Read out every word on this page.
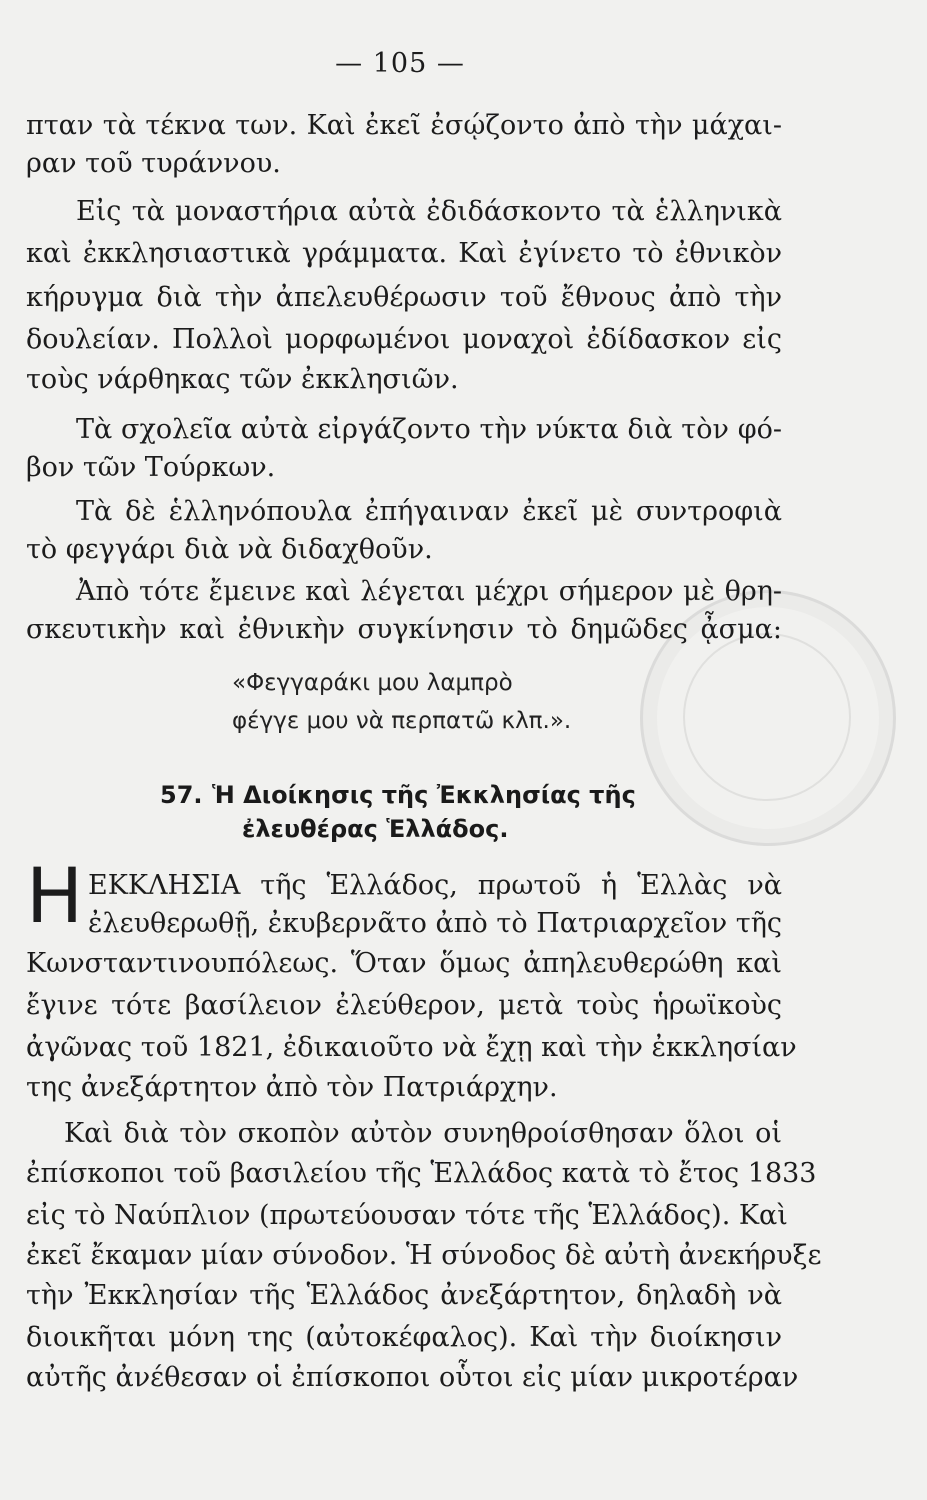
— 105 —
πταν τὰ τέκνα των. Καὶ ἐκεῖ ἐσῴζοντο ἀπὸ τὴν μάχαι-
ραν τοῦ τυράννου.
Εἰς τὰ μοναστήρια αὐτὰ ἐδιδάσκοντο τὰ ἑλληνικὰ
καὶ ἐκκλησιαστικὰ γράμματα. Καὶ ἐγίνετο τὸ ἐθνικὸν
κήρυγμα διὰ τὴν ἀπελευθέρωσιν τοῦ ἔθνους ἀπὸ τὴν
δουλείαν. Πολλοὶ μορφωμένοι μοναχοὶ ἐδίδασκον εἰς
τοὺς νάρθηκας τῶν ἐκκλησιῶν.
Τὰ σχολεῖα αὐτὰ εἰργάζοντο τὴν νύκτα διὰ τὸν φό-
βον τῶν Τούρκων.
Τὰ δὲ ἑλληνόπουλα ἐπήγαιναν ἐκεῖ μὲ συντροφιὰ
τὸ φεγγάρι διὰ νὰ διδαχθοῦν.
Ἀπὸ τότε ἔμεινε καὶ λέγεται μέχρι σήμερον μὲ θρη-
σκευτικὴν καὶ ἐθνικὴν συγκίνησιν τὸ δημῶδες ᾆσμα:
«Φεγγαράκι μου λαμπρὸ
φέγγε μου νὰ περπατῶ κλπ.».
57. Ἡ Διοίκησις τῆς Ἐκκλησίας τῆς
ἐλευθέρας Ἑλλάδος.
Η ΕΚΚΛΗΣΙΑ τῆς Ἑλλάδος, πρωτοῦ ἡ Ἑλλὰς νὰ
ἐλευθερωθῇ, ἐκυβερνᾶτο ἀπὸ τὸ Πατριαρχεῖον τῆς
Κωνσταντινουπόλεως. Ὅταν ὅμως ἀπηλευθερώθη καὶ
ἔγινε τότε βασίλειον ἐλεύθερον, μετὰ τοὺς ἡρωϊκοὺς
ἀγῶνας τοῦ 1821, ἐδικαιοῦτο νὰ ἔχῃ καὶ τὴν ἐκκλησίαν
της ἀνεξάρτητον ἀπὸ τὸν Πατριάρχην.
Καὶ διὰ τὸν σκοπὸν αὐτὸν συνηθροίσθησαν ὅλοι οἱ
ἐπίσκοποι τοῦ βασιλείου τῆς Ἑλλάδος κατὰ τὸ ἔτος 1833
εἰς τὸ Ναύπλιον (πρωτεύουσαν τότε τῆς Ἑλλάδος). Καὶ
ἐκεῖ ἔκαμαν μίαν σύνοδον. Ἡ σύνοδος δὲ αὐτὴ ἀνεκήρυξε
τὴν Ἐκκλησίαν τῆς Ἑλλάδος ἀνεξάρτητον, δηλαδὴ νὰ
διοικῆται μόνη της (αὐτοκέφαλος). Καὶ τὴν διοίκησιν
αὐτῆς ἀνέθεσαν οἱ ἐπίσκοποι οὗτοι εἰς μίαν μικροτέραν
